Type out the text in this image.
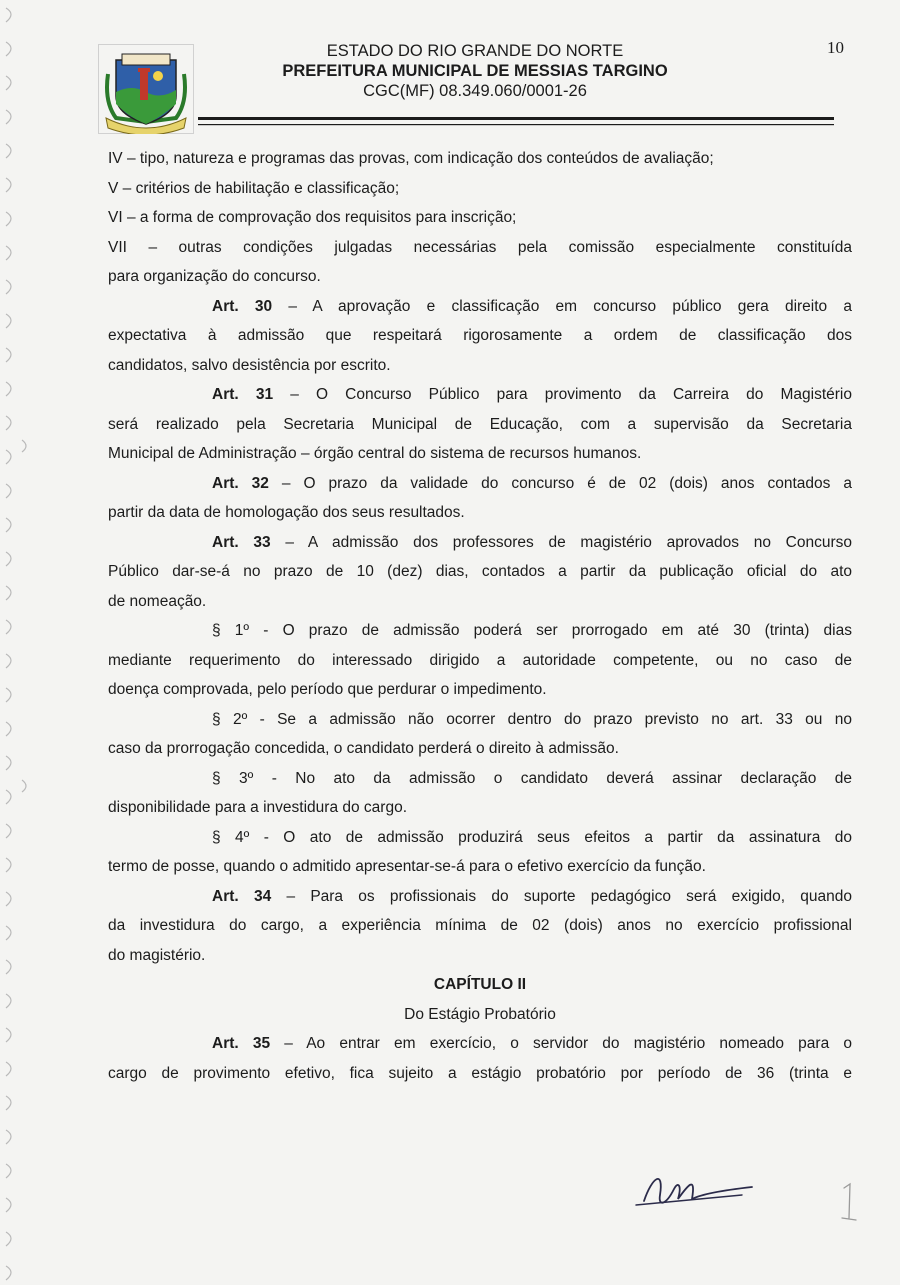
10
ESTADO DO RIO GRANDE DO NORTE
PREFEITURA MUNICIPAL DE MESSIAS TARGINO
CGC(MF) 08.349.060/0001-26

IV – tipo, natureza e programas das provas, com indicação dos conteúdos de avaliação;

V – critérios de habilitação e classificação;

VI – a forma de comprovação dos requisitos para inscrição;

VII – outras condições julgadas necessárias pela comissão especialmente constituída

para organização do concurso.

Art. 30 – A aprovação e classificação em concurso público gera direito a

expectativa à admissão que respeitará rigorosamente a ordem de classificação dos

candidatos, salvo desistência por escrito.

Art. 31 – O Concurso Público para provimento da Carreira do Magistério

será realizado pela Secretaria Municipal de Educação, com a supervisão da Secretaria

Municipal de Administração – órgão central do sistema de recursos humanos.

Art. 32 – O prazo da validade do concurso é de 02 (dois) anos contados a

partir da data de homologação dos seus resultados.

Art. 33 – A admissão dos professores de magistério aprovados no Concurso

Público dar-se-á no prazo de 10 (dez) dias, contados a partir da publicação oficial do ato

de nomeação.

§ 1º - O prazo de admissão poderá ser prorrogado em até 30 (trinta) dias

mediante requerimento do interessado dirigido a autoridade competente, ou no caso de

doença comprovada, pelo período que perdurar o impedimento.

§ 2º - Se a admissão não ocorrer dentro do prazo previsto no art. 33 ou no

caso da prorrogação concedida, o candidato perderá o direito à admissão.

§ 3º - No ato da admissão o candidato deverá assinar declaração de

disponibilidade para a investidura do cargo.

§ 4º - O ato de admissão produzirá seus efeitos a partir da assinatura do

termo de posse, quando o admitido apresentar-se-á para o efetivo exercício da função.

Art. 34 – Para os profissionais do suporte pedagógico será exigido, quando

da investidura do cargo, a experiência mínima de 02 (dois) anos no exercício profissional

do magistério.

CAPÍTULO II

Do Estágio Probatório

Art. 35 – Ao entrar em exercício, o servidor do magistério nomeado para o

cargo de provimento efetivo, fica sujeito a estágio probatório por período de 36 (trinta e
